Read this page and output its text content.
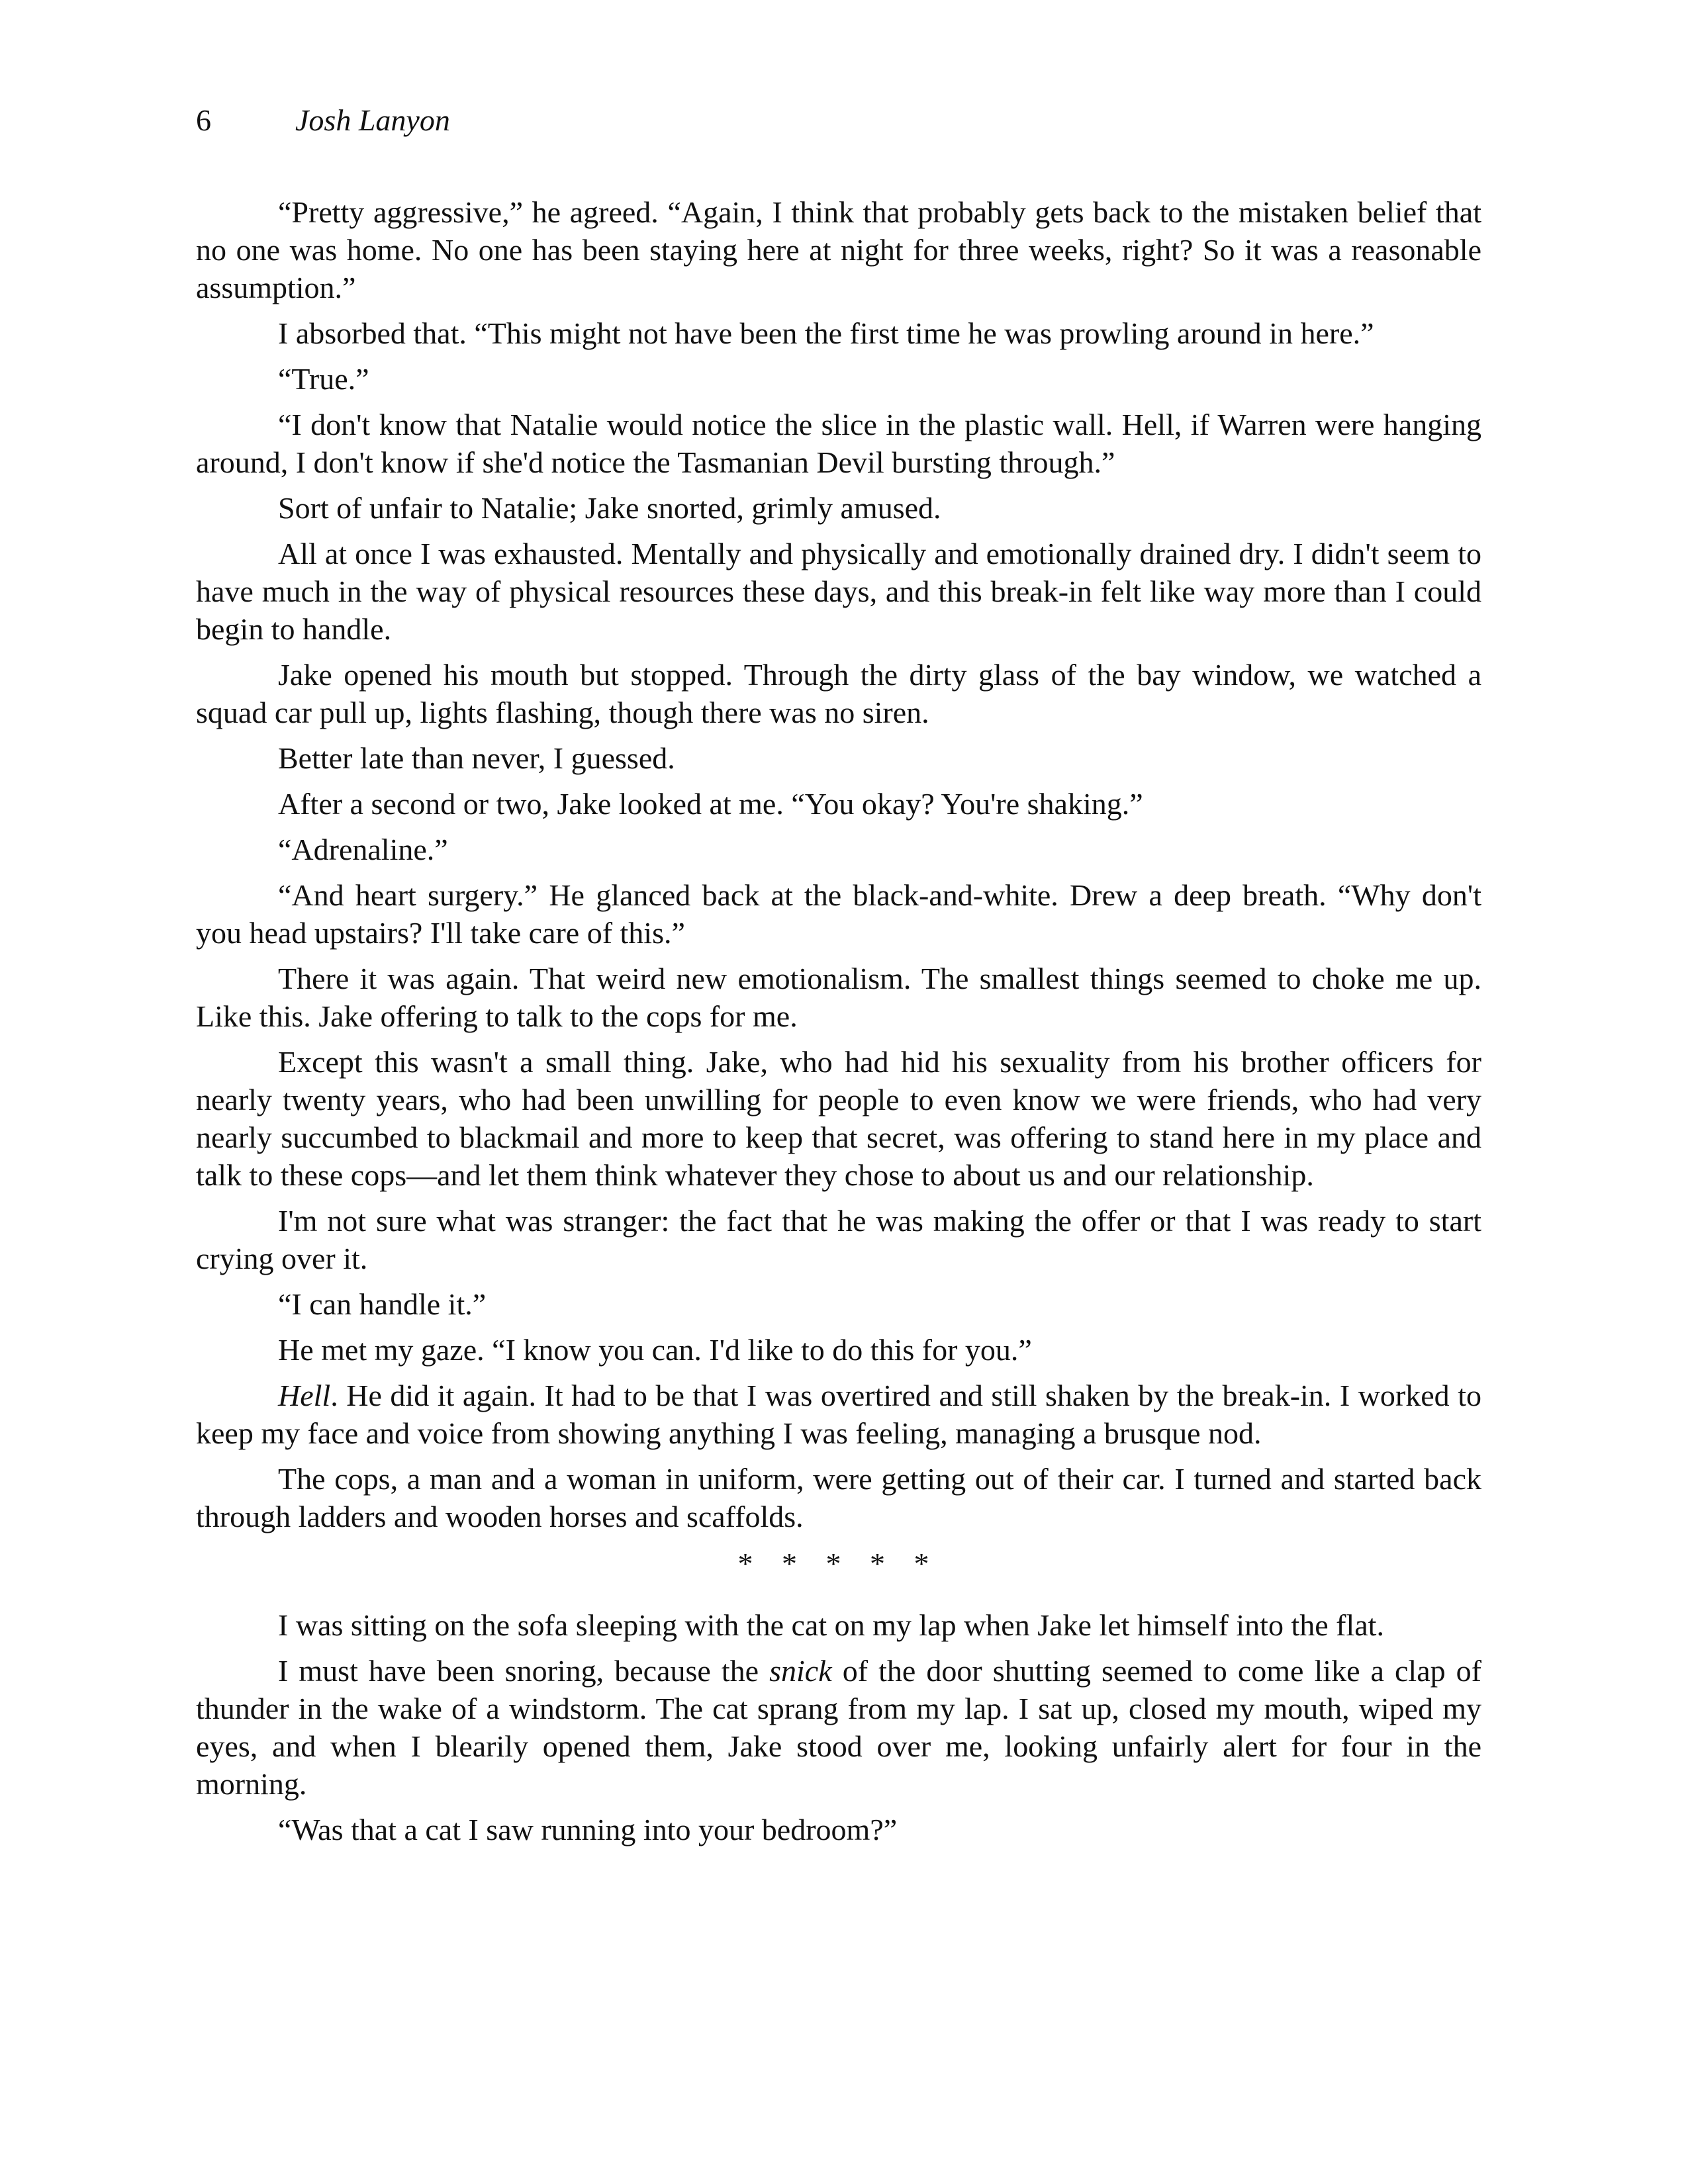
6	Josh Lanyon

“Pretty aggressive,” he agreed. “Again, I think that probably gets back to the mistaken belief that no one was home. No one has been staying here at night for three weeks, right? So it was a reasonable assumption.”

I absorbed that. “This might not have been the first time he was prowling around in here.”

“True.”

“I don't know that Natalie would notice the slice in the plastic wall. Hell, if Warren were hanging around, I don't know if she'd notice the Tasmanian Devil bursting through.”

Sort of unfair to Natalie; Jake snorted, grimly amused.

All at once I was exhausted. Mentally and physically and emotionally drained dry. I didn't seem to have much in the way of physical resources these days, and this break-in felt like way more than I could begin to handle.

Jake opened his mouth but stopped. Through the dirty glass of the bay window, we watched a squad car pull up, lights flashing, though there was no siren.

Better late than never, I guessed.

After a second or two, Jake looked at me. “You okay? You're shaking.”

“Adrenaline.”

“And heart surgery.” He glanced back at the black-and-white. Drew a deep breath. “Why don't you head upstairs? I'll take care of this.”

There it was again. That weird new emotionalism. The smallest things seemed to choke me up. Like this. Jake offering to talk to the cops for me.

Except this wasn't a small thing. Jake, who had hid his sexuality from his brother officers for nearly twenty years, who had been unwilling for people to even know we were friends, who had very nearly succumbed to blackmail and more to keep that secret, was offering to stand here in my place and talk to these cops—and let them think whatever they chose to about us and our relationship.

I'm not sure what was stranger: the fact that he was making the offer or that I was ready to start crying over it.

“I can handle it.”

He met my gaze. “I know you can. I'd like to do this for you.”

Hell. He did it again. It had to be that I was overtired and still shaken by the break-in. I worked to keep my face and voice from showing anything I was feeling, managing a brusque nod.

The cops, a man and a woman in uniform, were getting out of their car. I turned and started back through ladders and wooden horses and scaffolds.

* * * * *

I was sitting on the sofa sleeping with the cat on my lap when Jake let himself into the flat.

I must have been snoring, because the snick of the door shutting seemed to come like a clap of thunder in the wake of a windstorm. The cat sprang from my lap. I sat up, closed my mouth, wiped my eyes, and when I blearily opened them, Jake stood over me, looking unfairly alert for four in the morning.

“Was that a cat I saw running into your bedroom?”
